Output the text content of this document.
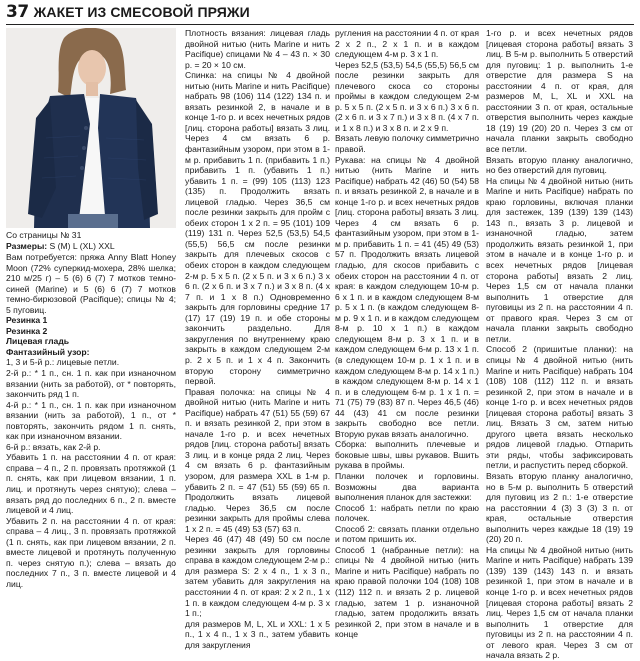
37 ЖАКЕТ ИЗ СМЕСОВОЙ ПРЯЖИ

Со страницы № 31

Размеры: S (M) L (XL) XXL

Вам потребуется: пряжа Anny Blatt Honey Moon (72% суперкид-мохера, 28% шелка; 210 м/25 г) – 5 (6) 6 (7) 7 мотков темно-синей (Marine) и 5 (6) 6 (7) 7 мотков темно-бирюзовой (Pacifique); спицы № 4; 5 пуговиц.

Резинка 1

Резинка 2

Лицевая гладь

Фантазийный узор:

1, 3 и 5-й р.: лицевые петли.

2-й р.: * 1 п., сн. 1 п. как при изнаночном вязании (нить за работой), от * повторять, закончить ряд 1 п.

4-й р.: * 1 п., сн. 1 п. как при изнаночном вязании (нить за работой), 1 п., от * повторять, закончить рядом 1 п. снять, как при изнаночном вязании.

6-й р.: вязать, как 2-й р.

Убавить 1 п. на расстоянии 4 п. от края: справа – 4 п., 2 п. провязать протяжкой (1 п. снять, как при лицевом вязании, 1 п. лиц. и протянуть через снятую); слева – вязать ряд до последних 6 п., 2 п. вместе лицевой и 4 лиц.

Убавить 2 п. на расстоянии 4 п. от края: справа – 4 лиц., 3 п. провязать протяжкой (1 п. снять, как при лицевом вязании, 2 п. вместе лицевой и протянуть полученную п. через снятую п.); слева – вязать до последних 7 п., 3 п. вместе лицевой и 4 лиц.

Плотность вязания: лицевая гладь двойной нитью (нить Marine и нить Pacifique) спицами № 4 – 43 п. × 30 р. = 20 × 10 см.

Спинка: на спицы № 4 двойной нитью (нить Marine и нить Pacifique) набрать 98 (106) 114 (122) 134 п. и вязать резинкой 2, в начале и в конце 1-го р. и всех нечетных рядов [лиц. сторона работы] вязать 3 лиц. Через 4 см вязать 6 р. фантазийным узором, при этом в 1-м р. прибавить 1 п. (прибавить 1 п.) прибавить 1 п. (убавить 1 п.) убавить 1 п. = (99) 105 (113) 123 (135) п. Продолжить вязать лицевой гладью. Через 36,5 см после резинки закрыть для пройм с обеих сторон 1 х 2 п. = 95 (101) 109 (119) 131 п. Через 52,5 (53,5) 54,5 (55,5) 56,5 см после резинки закрыть для плечевых скосов с обеих сторон в каждом следующем 2-м р. 5 х 5 п. (2 х 5 п. и 3 х 6 п.) 3 х 6 п. (2 х 6 п. и 3 х 7 п.) и 3 х 8 п. (4 х 7 п. и 1 х 8 п.) Одновременно закрыть для горловины средние 17 (17) 17 (19) 19 п. и обе стороны закончить раздельно. Для закругления по внутреннему краю закрыть в каждом следующем 2-м р. 2 х 5 п. и 1 х 4 п. Закончить вторую сторону симметрично первой.

Правая полочка: на спицы № 4 двойной нитью (нить Marine и нить Pacifique) набрать 47 (51) 55 (59) 67 п. и вязать резинкой 2, при этом в начале 1-го р. и всех нечетных рядов [лиц. сторона работы] вязать 3 лиц. и в конце ряда 2 лиц. Через 4 см вязать 6 р. фантазийным узором, для размера XXL в 1-м р. убавить 2 п. = 47 (51) 55 (59) 65 п. Продолжить вязать лицевой гладью. Через 36,5 см после резинки закрыть для проймы слева 1 х 2 п. = 45 (49) 53 (57) 63 п.

Через 46 (47) 48 (49) 50 см после резинки закрыть для горловины справа в каждом следующем 2-м р.:

для размера S: 2 х 4 п., 1 х 3 п., затем убавить для закругления на расстоянии 4 п. от края: 2 х 2 п., 1 х 1 п. в каждом следующем 4-м р. 3 х 1 п.;

для размеров M, L, XL и XXL: 1 х 5 п., 1 х 4 п., 1 х 3 п., затем убавить для закругления

ругления на расстоянии 4 п. от края 2 х 2 п., 2 х 1 п. и в каждом следующем 4-м р. 3 х 1 п.

Через 52,5 (53,5) 54,5 (55,5) 56,5 см после резинки закрыть для плечевого скоса со стороны проймы в каждом следующем 2-м р. 5 х 5 п. (2 х 5 п. и 3 х 6 п.) 3 х 6 п. (2 х 6 п. и 3 х 7 п.) и 3 х 8 п. (4 х 7 п. и 1 х 8 п.) и 3 х 8 п. и 2 х 9 п.

Вязать левую полочку симметрично правой.

Рукава: на спицы № 4 двойной нитью (нить Marine и нить Pacifique) набрать 42 (46) 50 (54) 58 п. и вязать резинкой 2, в начале и в конце 1-го р. и всех нечетных рядов [лиц. сторона работы] вязать 3 лиц. Через 4 см вязать 6 р. фантазийным узором, при этом в 1-м р. прибавить 1 п. = 41 (45) 49 (53) 57 п. Продолжить вязать лицевой гладью, для скосов прибавить с обеих сторон на расстоянии 4 п. от края: в каждом следующем 10-м р. 6 х 1 п. и в каждом следующем 8-м р. 5 х 1 п. (в каждом следующем 8-м р. 9 х 1 п. и в каждом следующем 8-м р. 10 х 1 п.) в каждом следующем 8-м р. 3 х 1 п. и в каждом следующем 6-м р. 13 х 1 п. (в следующем 10-м р. 1 х 1 п. и в каждом следующем 8-м р. 14 х 1 п.) в каждом следующем 8-м р. 14 х 1 п. и в следующем 6-м р. 1 х 1 п. = 71 (75) 79 (83) 87 п. Через 46,5 (46) 44 (43) 41 см после резинки закрыть свободно все петли. Вторую рукав вязать аналогично.

Сборка: выполнить плечевые и боковые швы, швы рукавов. Вшить рукава в проймы.

Планки полочек и горловины. Возможны два варианта выполнения планок для застежки:

Способ 1: набрать петли по краю полочек.

Способ 2: связать планки отдельно и потом пришить их.

Способ 1 (набранные петли): на спицы № 4 двойной нитью (нить Marine и нить Pacifique) набрать по краю правой полочки 104 (108) 108 (112) 112 п. и вязать 2 р. лицевой гладью, затем 1 р. изнаночной гладью, затем продолжить вязать резинкой 2, при этом в начале и в конце

1-го р. и всех нечетных рядов [лицевая сторона работы] вязать 3 лиц. В 5-м р. выполнить 5 отверстий для пуговиц: 1 р. выполнить 1-е отверстие для размера S на расстоянии 4 п. от края, для размеров M, L, XL и XXL на расстоянии 3 п. от края, остальные отверстия выполнить через каждые 18 (19) 19 (20) 20 п. Через 3 см от начала планки закрыть свободно все петли.

Вязать вторую планку аналогично, но без отверстий для пуговиц.

На спицы № 4 двойной нитью (нить Marine и нить Pacifique) набрать по краю горловины, включая планки для застежек, 139 (139) 139 (143) 143 п., вязать 3 р. лицевой и изнаночной гладью, затем продолжить вязать резинкой 1, при этом в начале и в конце 1-го р. и всех нечетных рядов [лицевая сторона работы] вязать 2 лиц. Через 1,5 см от начала планки выполнить 1 отверстие для пуговицы из 2 п. на расстоянии 4 п. от правого края. Через 3 см от начала планки закрыть свободно петли.

Способ 2 (пришитые планки): на спицы № 4 двойной нитью (нить Marine и нить Pacifique) набрать 104 (108) 108 (112) 112 п. и вязать резинкой 2, при этом в начале и в конце 1-го р. и всех нечетных рядов [лицевая сторона работы] вязать 3 лиц. Вязать 3 см, затем нитью другого цвета вязать несколько рядов лицевой гладью. Отпарить эти ряды, чтобы зафиксировать петли, и распустить перед сборкой.

Вязать вторую планку аналогично, но в 5-м р. выполнить 5 отверстий для пуговиц из 2 п.: 1-е отверстие на расстоянии 4 (3) 3 (3) 3 п. от края, остальные отверстия выполнить через каждые 18 (19) 19 (20) 20 п.

На спицы № 4 двойной нитью (нить Marine и нить Pacifique) набрать 139 (139) 139 (143) 143 п. и вязать резинкой 1, при этом в начале и в конце 1-го р. и всех нечетных рядов [лицевая сторона работы] вязать 2 лиц. Через 1,5 см от начала планки выполнить 1 отверстие для пуговицы из 2 п. на расстоянии 4 п. от левого края. Через 3 см от начала вязать 2 р.
